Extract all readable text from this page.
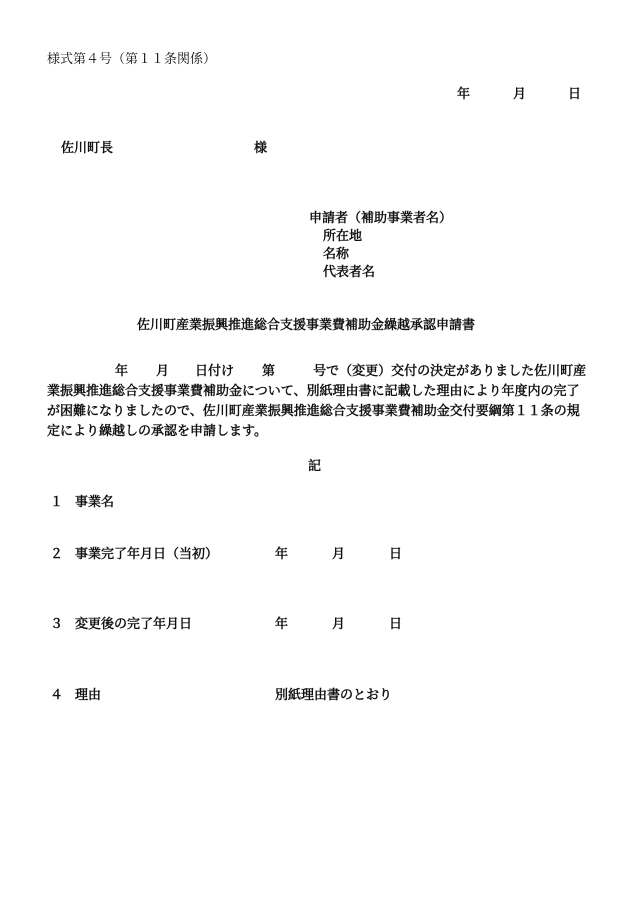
様式第４号（第１１条関係）
年	月	日
佐川町長	様
申請者（補助事業者名）
所在地
名称
代表者名
佐川町産業振興推進総合支援事業費補助金繰越承認申請書
年 月 日付け 第	号で（変更）交付の決定がありました佐川町産業振興推進総合支援事業費補助金について、別紙理由書に記載した理由により年度内の完了が困難になりましたので、佐川町産業振興推進総合支援事業費補助金交付要綱第１１条の規定により繰越しの承認を申請します。
記
１ 事業名
２ 事業完了年月日（当初）	年	月	日
３ 変更後の完了年月日	年	月	日
４ 理由	別紙理由書のとおり
